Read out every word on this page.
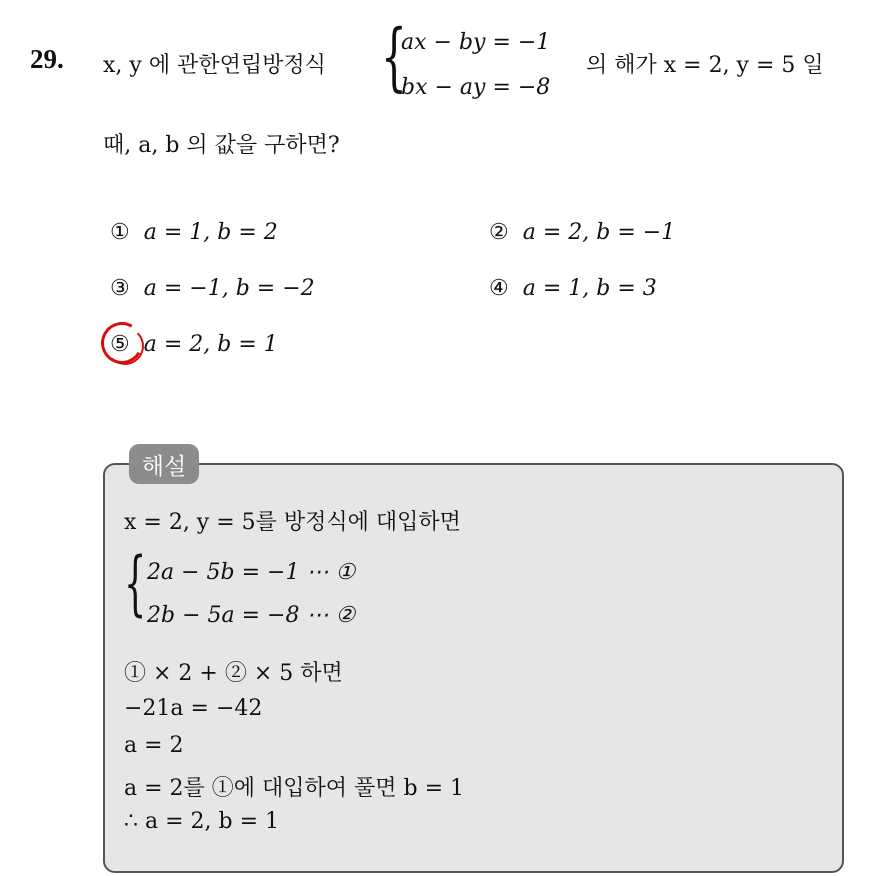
29. x, y 에 관한연립방정식 {
ax − by = −1
bx − ay = −8
의 해가 x = 2, y = 5 일
때, a, b 의 값을 구하면?
① a = 1, b = 2	② a = 2, b = −1
③ a = −1, b = −2	④ a = 1, b = 3
⑤ a = 2, b = 1
해설
x = 2, y = 5를 방정식에 대입하면
{ 2a − 5b = −1 ⋯ ①
2b − 5a = −8 ⋯ ②
① × 2 + ② × 5 하면
−21a = −42
a = 2
a = 2를 ①에 대입하여 풀면 b = 1
∴ a = 2, b = 1
